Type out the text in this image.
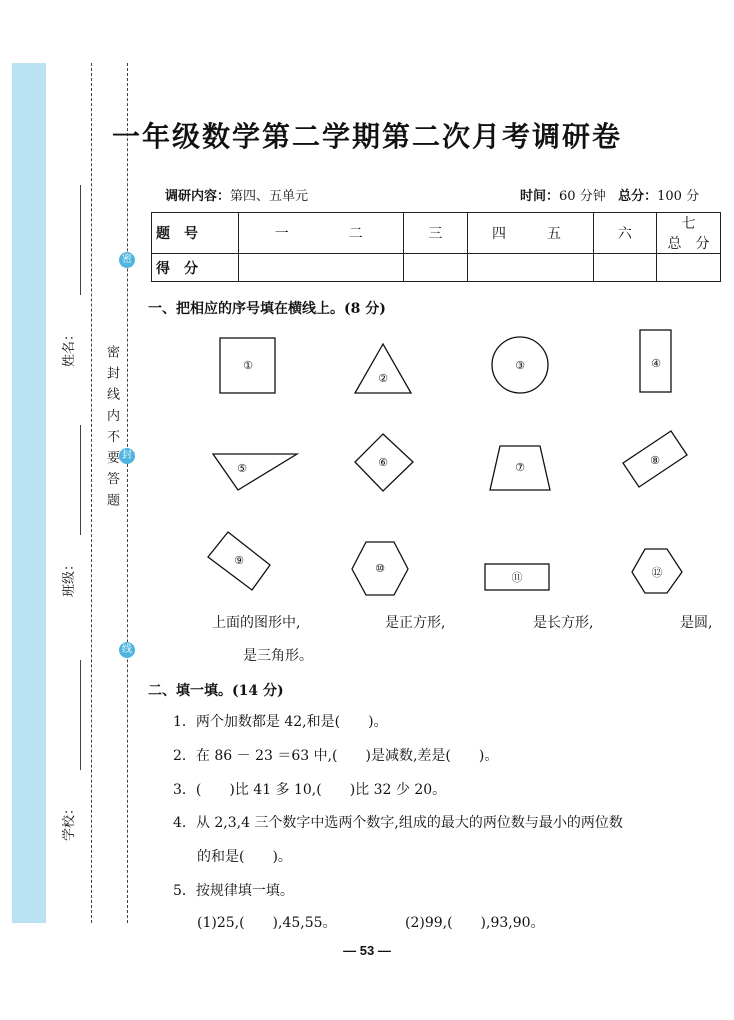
密 封 线 内 不 要 答 题
密
封
线
姓名：
班级：
学校：
一年级数学第二学期第二次月考调研卷
调研内容：第四、五单元	时间：60 分钟 总分：100 分
题　号	一 二	三	四 五	六	七总　分
得　分					
一、把相应的序号填在横线上。(8 分)
①
②
③	④
⑤	⑥	⑦
⑧
⑨
⑩
⑪	⑫
上面的图形中,	是正方形,	是长方形,	是圆,
是三角形。
二、填一填。(14 分)
1．两个加数都是 42,和是(　　)。
2．在 86 － 23 ＝63 中,(　　)是减数,差是(　　)。
3．(　　)比 41 多 10,(　　)比 32 少 20。
4．从 2,3,4 三个数字中选两个数字,组成的最大的两位数与最小的两位数
的和是(　　)。
5．按规律填一填。
(1)25,(　　),45,55。	(2)99,(　　),93,90。
— 53 —
